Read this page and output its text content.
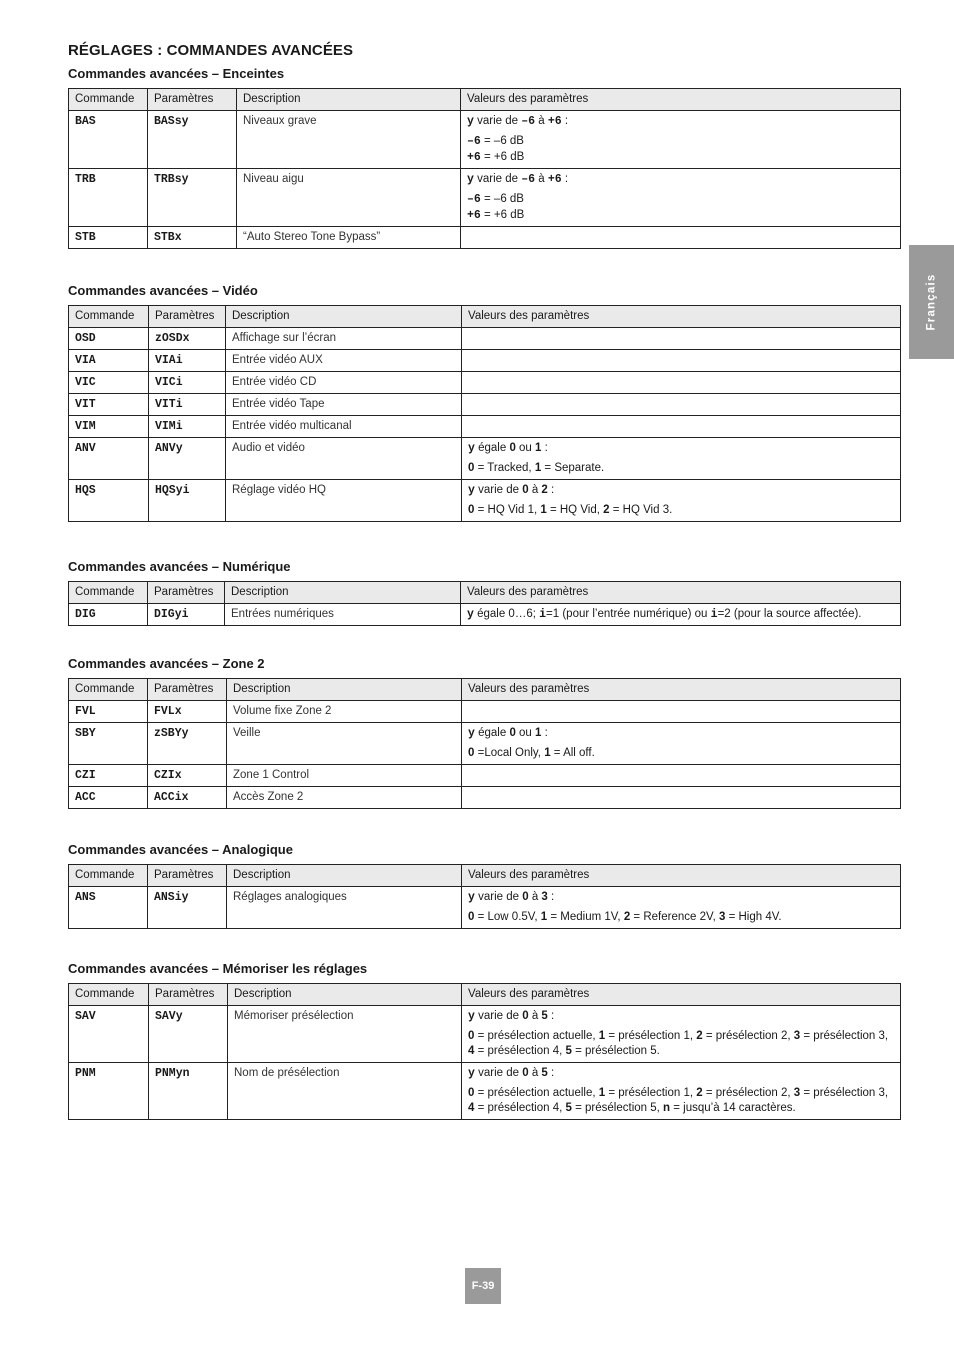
RÉGLAGES : COMMANDES AVANCÉES
Commandes avancées – Enceintes
Commande	Paramètres	Description	Valeurs des paramètres
BAS	BASsy	Niveaux grave	y varie de –6 à +6 :
–6 = –6 dB
+6 = +6 dB

TRB	TRBsy	Niveau aigu	y varie de –6 à +6 :
–6 = –6 dB
+6 = +6 dB

STB	STBx	“Auto Stereo Tone Bypass”	
Commandes avancées – Vidéo
Commande	Paramètres	Description	Valeurs des paramètres
OSD	zOSDx	Affichage sur l’écran	
VIA	VIAi	Entrée vidéo AUX	
VIC	VICi	Entrée vidéo CD	
VIT	VITi	Entrée vidéo Tape	
VIM	VIMi	Entrée vidéo multicanal	
ANV	ANVy	Audio et vidéo	y égale 0 ou 1 :
0 = Tracked, 1 = Separate.

HQS	HQSyi	Réglage vidéo HQ	y varie de 0 à 2 :
0 = HQ Vid 1, 1 = HQ Vid, 2 = HQ Vid 3.
Commandes avancées – Numérique
Commande	Paramètres	Description	Valeurs des paramètres
DIG	DIGyi	Entrées numériques	y égale 0…6; i=1 (pour l’entrée numérique) ou i=2 (pour la source affectée).
Commandes avancées – Zone 2
Commande	Paramètres	Description	Valeurs des paramètres
FVL	FVLx	Volume fixe Zone 2	
SBY	zSBYy	Veille	y égale 0 ou 1 :
0 =Local Only, 1 = All off.

CZI	CZIx	Zone 1 Control	
ACC	ACCix	Accès Zone 2	
Commandes avancées – Analogique
Commande	Paramètres	Description	Valeurs des paramètres
ANS	ANSiy	Réglages analogiques	y varie de 0 à 3 :
0 = Low 0.5V, 1 = Medium 1V, 2 = Reference 2V, 3 = High 4V.
Commandes avancées – Mémoriser les réglages
Commande	Paramètres	Description	Valeurs des paramètres
SAV	SAVy	Mémoriser présélection	y varie de 0 à 5 :
0 = présélection actuelle, 1 = présélection 1, 2 = présélection 2, 3 = présélection 3, 4 = présélection 4, 5 = présélection 5.

PNM	PNMyn	Nom de présélection	y varie de 0 à 5 :
0 = présélection actuelle, 1 = présélection 1, 2 = présélection 2, 3 = présélection 3, 4 = présélection 4, 5 = présélection 5, n = jusqu’à 14 caractères.
Français
F-39
